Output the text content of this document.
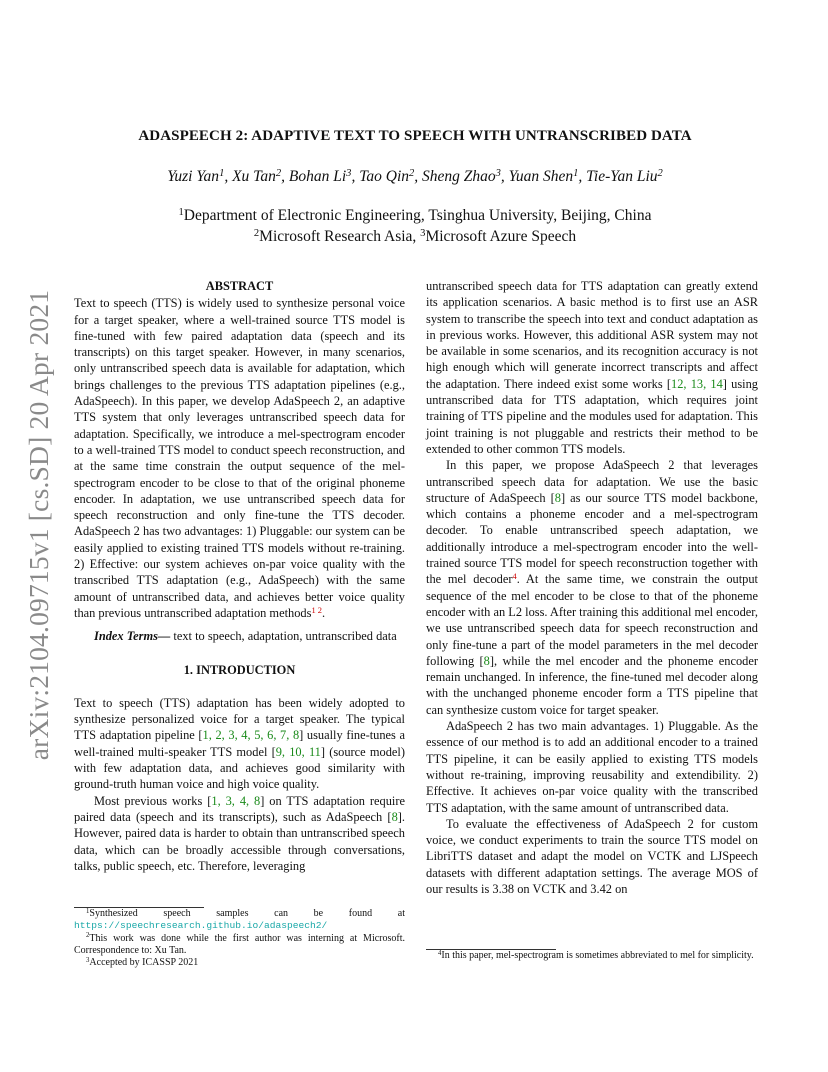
arXiv:2104.09715v1 [cs.SD] 20 Apr 2021
ADASPEECH 2: ADAPTIVE TEXT TO SPEECH WITH UNTRANSCRIBED DATA
Yuzi Yan$^1$, Xu Tan$^2$, Bohan Li$^3$, Tao Qin$^2$, Sheng Zhao$^3$, Yuan Shen$^1$, Tie-Yan Liu$^2$
$^1$Department of Electronic Engineering, Tsinghua University, Beijing, China
$^2$Microsoft Research Asia, $^3$Microsoft Azure Speech
ABSTRACT

Text to speech (TTS) is widely used to synthesize personal voice for a target speaker, where a well-trained source TTS model is fine-tuned with few paired adaptation data (speech and its transcripts) on this target speaker. However, in many scenarios, only untranscribed speech data is available for adaptation, which brings challenges to the previous TTS adaptation pipelines (e.g., AdaSpeech). In this paper, we develop AdaSpeech 2, an adaptive TTS system that only leverages untranscribed speech data for adaptation. Specifically, we introduce a mel-spectrogram encoder to a well-trained TTS model to conduct speech reconstruction, and at the same time constrain the output sequence of the mel-spectrogram encoder to be close to that of the original phoneme encoder. In adaptation, we use untranscribed speech data for speech reconstruction and only fine-tune the TTS decoder. AdaSpeech 2 has two advantages: 1) Pluggable: our system can be easily applied to existing trained TTS models without re-training. 2) Effective: our system achieves on-par voice quality with the transcribed TTS adaptation (e.g., AdaSpeech) with the same amount of untranscribed data, and achieves better voice quality than previous untranscribed adaptation methods$^{1 2}$.

Index Terms— text to speech, adaptation, untranscribed data

1. INTRODUCTION

Text to speech (TTS) adaptation has been widely adopted to synthesize personalized voice for a target speaker. The typical TTS adaptation pipeline [1, 2, 3, 4, 5, 6, 7, 8] usually fine-tunes a well-trained multi-speaker TTS model [9, 10, 11] (source model) with few adaptation data, and achieves good similarity with ground-truth human voice and high voice quality.

Most previous works [1, 3, 4, 8] on TTS adaptation require paired data (speech and its transcripts), such as AdaSpeech [8]. However, paired data is harder to obtain than untranscribed speech data, which can be broadly accessible through conversations, talks, public speech, etc. Therefore, leveraging

untranscribed speech data for TTS adaptation can greatly extend its application scenarios. A basic method is to first use an ASR system to transcribe the speech into text and conduct adaptation as in previous works. However, this additional ASR system may not be available in some scenarios, and its recognition accuracy is not high enough which will generate incorrect transcripts and affect the adaptation. There indeed exist some works [12, 13, 14] using untranscribed data for TTS adaptation, which requires joint training of TTS pipeline and the modules used for adaptation. This joint training is not pluggable and restricts their method to be extended to other common TTS models.

In this paper, we propose AdaSpeech 2 that leverages untranscribed speech data for adaptation. We use the basic structure of AdaSpeech [8] as our source TTS model backbone, which contains a phoneme encoder and a mel-spectrogram decoder. To enable untranscribed speech adaptation, we additionally introduce a mel-spectrogram encoder into the well-trained source TTS model for speech reconstruction together with the mel decoder$^4$. At the same time, we constrain the output sequence of the mel encoder to be close to that of the phoneme encoder with an L2 loss. After training this additional mel encoder, we use untranscribed speech data for speech reconstruction and only fine-tune a part of the model parameters in the mel decoder following [8], while the mel encoder and the phoneme encoder remain unchanged. In inference, the fine-tuned mel decoder along with the unchanged phoneme encoder form a TTS pipeline that can synthesize custom voice for target speaker.

AdaSpeech 2 has two main advantages. 1) Pluggable. As the essence of our method is to add an additional encoder to a trained TTS pipeline, it can be easily applied to existing TTS models without re-training, improving reusability and extendibility. 2) Effective. It achieves on-par voice quality with the transcribed TTS adaptation, with the same amount of untranscribed data.

To evaluate the effectiveness of AdaSpeech 2 for custom voice, we conduct experiments to train the source TTS model on LibriTTS dataset and adapt the model on VCTK and LJSpeech datasets with different adaptation settings. The average MOS of our results is 3.38 on VCTK and 3.42 on

$^1$Synthesized speech samples can be found at https://speechresearch.github.io/adaspeech2/

$^2$This work was done while the first author was interning at Microsoft. Correspondence to: Xu Tan.

$^3$Accepted by ICASSP 2021

$^4$In this paper, mel-spectrogram is sometimes abbreviated to mel for simplicity.
